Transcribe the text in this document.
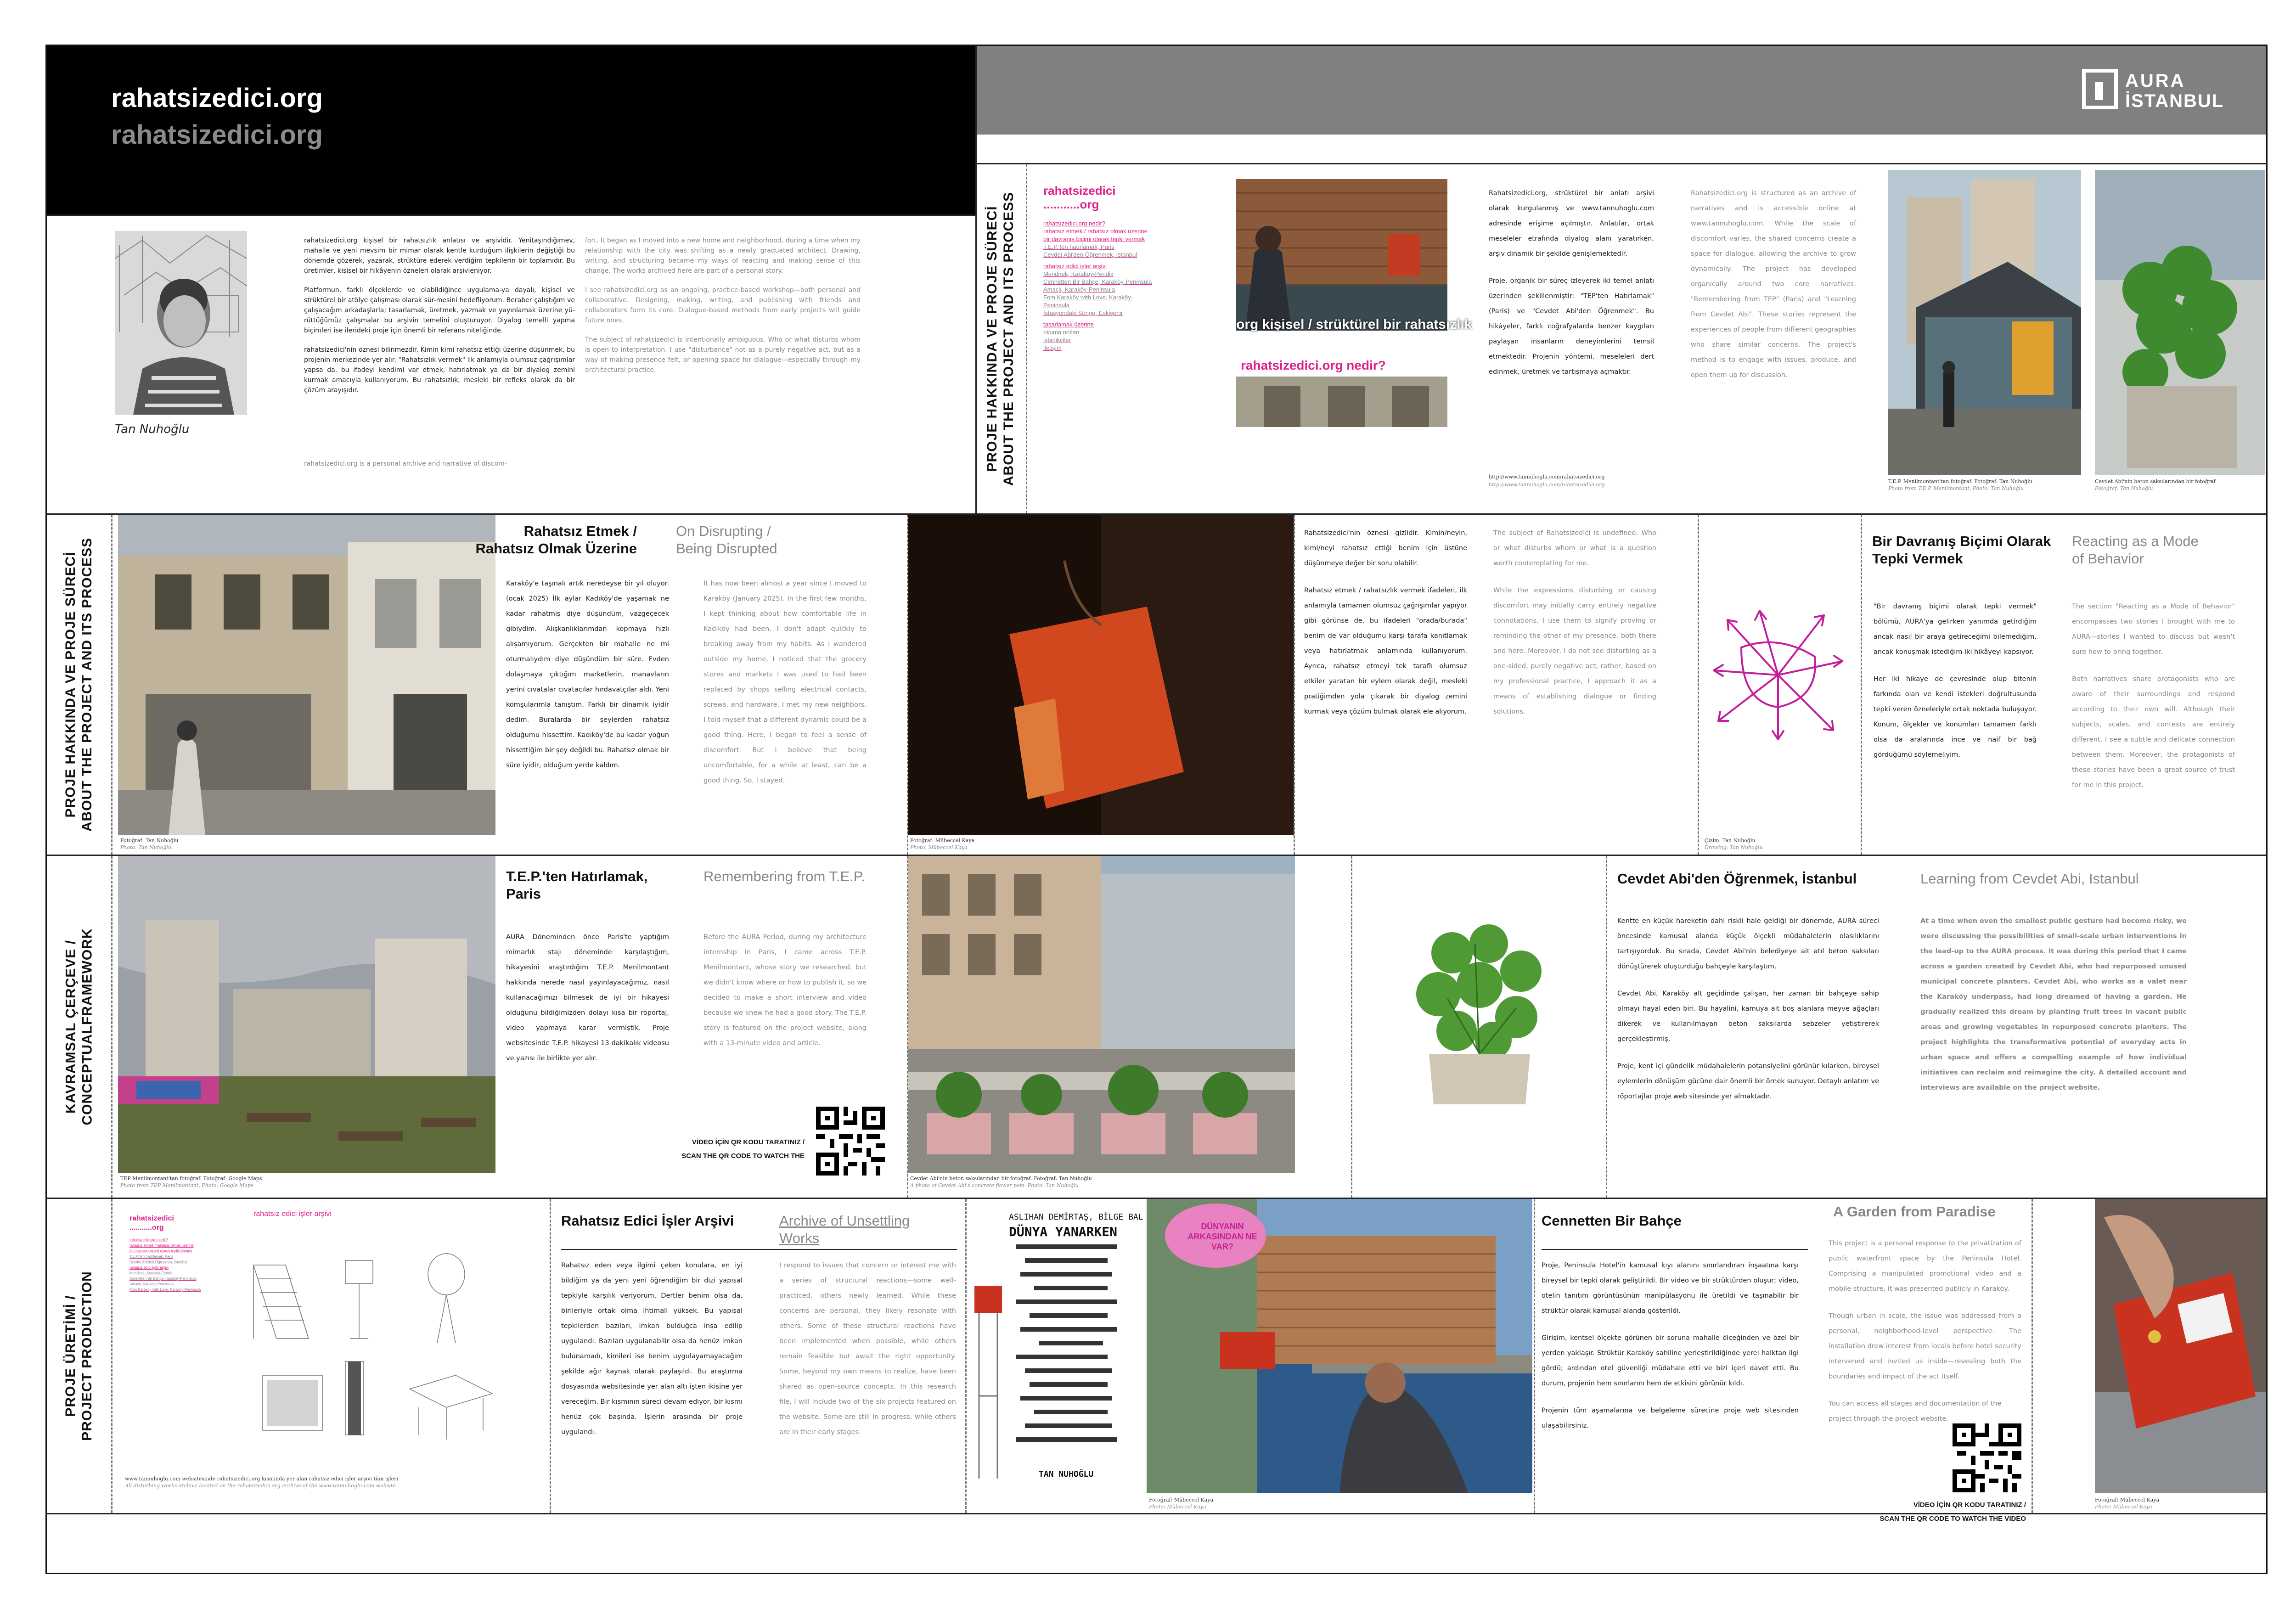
rahatsizedici.org
rahatsizedici.org
AURA
İSTANBUL
Tan Nuhoğlu

rahatsizedici.org kişisel bir rahatsızlık anlatısı ve arşividir. Yenitaşındığımev, mahalle ve yeni mevsim bir mimar olarak kentle kurduğum ilişkilerin değiştiği bu dönemde gözerek, yazarak, strüktüre ederek verdiğim tepkilerin bir toplamıdır. Bu üretimler, kişisel bir hikâyenin özneleri olarak arşivleniyor.

Platformun, farklı ölçeklerde ve olabildiğince uygulama-ya dayalı, kişisel ve strüktürel bir atölye çalışması olarak sür-mesini hedefliyorum. Beraber çalıştığım ve çalışacağım arkadaşlarla; tasarlamak, üretmek, yazmak ve yayınlamak üzerine yü-rüttüğümüz çalışmalar bu arşivin temelini oluşturuyor. Diyalog temelli yapma biçimleri ise ilerideki proje için önemli bir referans niteliğinde.

rahatsizedici'nin öznesi bilinmezdir. Kimin kimi rahatsız ettiği üzerine düşünmek, bu projenin merkezinde yer alır. "Rahatsızlık vermek" ilk anlamıyla olumsuz çağrışımlar yapsa da, bu ifadeyi kendimi var etmek, hatırlatmak ya da bir diyalog zemini kurmak amacıyla kullanıyorum. Bu rahatsızlık, mesleki bir refleks olarak da bir çözüm arayışıdır.

rahatsizedici.org is a personal archive and narrative of discom-

fort. It began as I moved into a new home and neighborhood, during a time when my relationship with the city was shifting as a newly graduated architect. Drawing, writing, and structuring became my ways of reacting and making sense of this change. The works archived here are part of a personal story.

I see rahatsizedici.org as an ongoing, practice-based workshop—both personal and collaborative. Designing, making, writing, and publishing with friends and collaborators form its core. Dialogue-based methods from early projects will guide future ones.

The subject of rahatsizedici is intentionally ambiguous. Who or what disturbs whom is open to interpretation. I use "disturbance" not as a purely negative act, but as a way of making presence felt, or opening space for dialogue—especially through my architectural practice.

PROJE HAKKINDA VE PROJE SÜRECİ
ABOUT THE PROJECT AND ITS PROCESS
rahatsizedici
...........org
rahatsızedici.org nedir?
rahatsız etmek / rahatsız olmak üzerine
bir davranış biçimi olarak tepki vermek
T.E.P.'ten hatırlamak, Paris
Cevdet Abi'den Öğrenmek, İstanbul
rahatsız edici işler arşivi
Mendirek, Karaköy-Pendik
Cennetten Bir Bahçe, Karaköy-Peninsula
Amaçlı, Karaköy-Peninsula
Fom Karaköy with Love, Karaköy-Peninsula
İstasyondaki Sünge, Eskişehir
tasarlamak üzerine
okuma notları
işbirlikçiler
iletişim
org kişisel / strüktürel bir rahatsızlık
rahatsizedici.org nedir?

Rahatsizedici.org, strüktürel bir anlatı arşivi olarak kurgulanmış ve www.tannuhoglu.com adresinde erişime açılmıştır. Anlatılar, ortak meseleler etrafında diyalog alanı yaratırken, arşiv dinamik bir şekilde genişlemektedir.

Proje, organik bir süreç izleyerek iki temel anlatı üzerinden şekillenmiştir: "TEP'ten Hatırlamak" (Paris) ve "Cevdet Abi'den Öğrenmek". Bu hikâyeler, farklı coğrafyalarda benzer kaygıları paylaşan insanların deneyimlerini temsil etmektedir. Projenin yöntemi, meseleleri dert edinmek, üretmek ve tartışmaya açmaktır.

http://www.tannuhoglu.com/rahatsizedici.org
http://www.tannuhoglu.com/rahatsizedici.org

Rahatsizedici.org is structured as an archive of narratives and is accessible online at www.tannuhoglu.com. While the scale of discomfort varies, the shared concerns create a space for dialogue, allowing the archive to grow dynamically. The project has developed organically around two core narratives: "Remembering from TEP" (Paris) and "Learning from Cevdet Abi". These stories represent the experiences of people from different geographies who share similar concerns. The project's method is to engage with issues, produce, and open them up for discussion.

T.E.P. Menilmontant'tan fotoğraf. Fotoğraf: Tan Nuhoğlu
Photo from T.E.P. Menilmontant. Photo: Tan Nuhoğlu
Cevdet Abi'nin beton saksılarından bir fotoğraf
Fotoğraf: Tan Nuhoğlu
PROJE HAKKINDA VE PROJE SÜRECİ
ABOUT THE PROJECT AND ITS PROCESS
Fotoğraf: Tan Nuhoğlu
Photo: Tan Nuhoğlu
Rahatsız Etmek /
Rahatsız Olmak Üzerine
On Disrupting /
Being Disrupted
Karaköy'e taşınalı artık neredeyse bir yıl oluyor. (ocak 2025) İlk aylar Kadıköy'de yaşamak ne kadar rahatmış diye düşündüm, vazgeçecek gibiydim. Alışkanlıklarımdan kopmaya hızlı alışamıyorum. Gerçekten bir mahalle ne mi oturmalıydım diye düşündüm bir süre. Evden dolaşmaya çıktığım marketlerin, manavların yerini cıvatalar cıvatacılar hırdavatçılar aldı. Yeni komşularımla tanıştım. Farklı bir dinamik iyidir dedim. Buralarda bir şeylerden rahatsız olduğumu hissettim. Kadıköy'de bu kadar yoğun hissettiğim bir şey değildi bu. Rahatsız olmak bir süre iyidir, olduğum yerde kaldım.
It has now been almost a year since I moved to Karaköy (January 2025). In the first few months, I kept thinking about how comfortable life in Kadıköy had been. I don't adapt quickly to breaking away from my habits. As I wandered outside my home, I noticed that the grocery stores and markets I was used to had been replaced by shops selling electrical contacts, screws, and hardware. I met my new neighbors. I told myself that a different dynamic could be a good thing. Here, I began to feel a sense of discomfort. But I believe that being uncomfortable, for a while at least, can be a good thing. So, I stayed.
Fotoğraf: Mübeccel Kaya
Photo: Mübeccel Kaya

Rahatsizedici'nin öznesi gizlidir. Kimin/neyin, kimi/neyi rahatsız ettiği benim için üstüne düşünmeye değer bir soru olabilir.

Rahatsız etmek / rahatsızlık vermek ifadeleri, ilk anlamıyla tamamen olumsuz çağrışımlar yapıyor gibi görünse de, bu ifadeleri "orada/burada" benim de var olduğumu karşı tarafa kanıtlamak veya hatırlatmak anlamında kullanıyorum. Ayrıca, rahatsız etmeyi tek taraflı olumsuz etkiler yaratan bir eylem olarak değil, mesleki pratiğimden yola çıkarak bir diyalog zemini kurmak veya çözüm bulmak olarak ele alıyorum.

The subject of Rahatsizedici is undefined. Who or what disturbs whom or what is a question worth contemplating for me.

While the expressions disturbing or causing discomfort may initially carry entirely negative connotations, I use them to signify proving or reminding the other of my presence, both there and here. Moreover, I do not see disturbing as a one-sided, purely negative act; rather, based on my professional practice, I approach it as a means of establishing dialogue or finding solutions.

Çizim: Tan Nuhoğlu
Drawing: Tan Nuhoğlu
Bir Davranış Biçimi Olarak
Tepki Vermek
Reacting as a Mode
of Behavior

"Bir davranış biçimi olarak tepki vermek" bölümü, AURA'ya gelirken yanımda getirdiğim ancak nasıl bir araya getireceğimi bilemediğim, ancak konuşmak istediğim iki hikâyeyi kapsıyor.

Her iki hikaye de çevresinde olup bitenin farkında olan ve kendi istekleri doğrultusunda tepki veren özneleriyle ortak noktada buluşuyor. Konum, ölçekler ve konumları tamamen farklı olsa da aralarında ince ve naif bir bağ gördüğümü söylemeliyim.

The section "Reacting as a Mode of Behavior" encompasses two stories I brought with me to AURA—stories I wanted to discuss but wasn't sure how to bring together.

Both narratives share protagonists who are aware of their surroundings and respond according to their own will. Although their subjects, scales, and contexts are entirely different, I see a subtle and delicate connection between them. Moreover, the protagonists of these stories have been a great source of trust for me in this project.

KAVRAMSAL ÇERÇEVE /
CONCEPTUALFRAMEWORK
TEP Menilmontant'tan fotoğraf. Fotoğraf: Google Maps
Photo from TEP Menilmontant. Photo: Google Maps
T.E.P.'ten Hatırlamak,
Paris
Remembering from T.E.P.
AURA Döneminden önce Paris'te yaptığım mimarlık stajı döneminde karşılaştığım, hikayesini araştırdığım T.E.P. Menilmontant hakkında nerede nasıl yayınlayacağımız, nasıl kullanacağımızı bilmesek de iyi bir hikayesi olduğunu bildiğimizden dolayı kısa bir röportaj, video yapmaya karar vermiştik. Proje websitesinde T.E.P. hikayesi 13 dakikalık videosu ve yazısı ile birlikte yer alır.
Before the AURA Period, during my architecture internship in Paris, I came across T.E.P. Menilmontant, whose story we researched, but we didn't know where or how to publish it, so we decided to make a short interview and video because we knew he had a good story. The T.E.P. story is featured on the project website, along with a 13-minute video and article.
VİDEO İÇİN QR KODU TARATINIZ /
SCAN THE QR CODE TO WATCH THE
Cevdet Abi'nin beton saksılarından bir fotoğraf. Fotoğraf: Tan Nuhoğlu
A photo of Cevdet Abi's concrete flower pots. Photo: Tan Nuhoğlu
Cevdet Abi'den Öğrenmek, İstanbul	Learning from Cevdet Abi, Istanbul

Kentte en küçük hareketin dahi riskli hale geldiği bir dönemde, AURA süreci öncesinde kamusal alanda küçük ölçekli müdahalelerin olasılıklarını tartışıyorduk. Bu sırada, Cevdet Abi'nin belediyeye ait atıl beton saksıları dönüştürerek oluşturduğu bahçeyle karşılaştım.

Cevdet Abi, Karaköy alt geçidinde çalışan, her zaman bir bahçeye sahip olmayı hayal eden biri. Bu hayalini, kamuya ait boş alanlara meyve ağaçları dikerek ve kullanılmayan beton saksılarda sebzeler yetiştirerek gerçekleştirmiş.

Proje, kent içi gündelik müdahalelerin potansiyelini görünür kılarken, bireysel eylemlerin dönüşüm gücüne dair önemli bir örnek sunuyor. Detaylı anlatım ve röportajlar proje web sitesinde yer almaktadır.

At a time when even the smallest public gesture had become risky, we were discussing the possibilities of small-scale urban interventions in the lead-up to the AURA process. It was during this period that I came across a garden created by Cevdet Abi, who had repurposed unused municipal concrete planters. Cevdet Abi, who works as a valet near the Karaköy underpass, had long dreamed of having a garden. He gradually realized this dream by planting fruit trees in vacant public areas and growing vegetables in repurposed concrete planters. The project highlights the transformative potential of everyday acts in urban space and offers a compelling example of how individual initiatives can reclaim and reimagine the city. A detailed account and interviews are available on the project website.
PROJE ÜRETİMİ /
PROJECT PRODUCTION
rahatsizedici
...........org
rahatsız edici işler arşivi
rahatsızedici.org nedir?
rahatsız etmek / rahatsız olmak üzerine
bir davranış biçimi olarak tepki vermek
T.E.P.'ten hatırlamak, Paris
Cevdet Abi'den Öğrenmek, İstanbul
rahatsız edici işler arşivi
Mendirek, Karaköy-Pendik
Cennetten Bir Bahçe, Karaköy-Peninsula
Amaçlı, Karaköy-Peninsula
Fom Karaköy with Love, Karaköy-Peninsula
www.tannuhoglu.com websitesinde rahatsizedici.org kısmında yer alan rahatsız edici işler arşivi tüm işleri
All disturbing works archive located on the rahatsizedici.org archive of the www.tannuhoglu.com website
Rahatsız Edici İşler Arşivi	Archive of Unsettling
Works
Rahatsız eden veya ilgimi çeken konulara, en iyi bildiğim ya da yeni yeni öğrendiğim bir dizi yapısal tepkiyle karşılık veriyorum. Dertler benim olsa da, birileriyle ortak olma ihtimali yüksek. Bu yapısal tepkilerden bazıları, imkan bulduğca inşa edilip uygulandı. Bazıları uygulanabilir olsa da henüz imkan bulunamadı, kimileri ise benim uygulayamayacağım şekilde ağır kaynak olarak paylaşıldı. Bu araştırma dosyasında websitesinde yer alan altı işten ikisine yer vereceğim. Bir kısmının süreci devam ediyor, bir kısmı henüz çok başında. İşlerin arasında bir proje uygulandı.
I respond to issues that concern or interest me with a series of structural reactions—some well-practiced, others newly learned. While these concerns are personal, they likely resonate with others. Some of these structural reactions have been implemented when possible, while others remain feasible but await the right opportunity. Some, beyond my own means to realize, have been shared as open-source concepts. In this research file, I will include two of the six projects featured on the website. Some are still in progress, while others are in their early stages.
ASLIHAN DEMİRTAŞ, BİLGE BAL
DÜNYA YANARKEN
TAN NUHOĞLU
DÜNYANIN ARKASINDAN NE VAR?
Fotoğraf: Mübeccel Kaya
Photo: Mübeccel Kaya
Cennetten Bir Bahçe
A Garden from Paradise

Proje, Peninsula Hotel'in kamusal kıyı alanını sınırlandıran inşaatına karşı bireysel bir tepki olarak geliştirildi. Bir video ve bir strüktürden oluşur; video, otelin tanıtım görüntüsünün manipülasyonu ile üretildi ve taşınabilir bir strüktür olarak kamusal alanda gösterildi.

Girişim, kentsel ölçekte görünen bir soruna mahalle ölçeğinden ve özel bir yerden yaklaşır. Strüktür Karaköy sahiline yerleştirildiğinde yerel halktan ilgi gördü; ardından otel güvenliği müdahale etti ve bizi içeri davet etti. Bu durum, projenin hem sınırlarını hem de etkisini görünür kıldı.

Projenin tüm aşamalarına ve belgeleme sürecine proje web sitesinden ulaşabilirsiniz.

This project is a personal response to the privatization of public waterfront space by the Peninsula Hotel. Comprising a manipulated promotional video and a mobile structure, it was presented publicly in Karaköy.

Though urban in scale, the issue was addressed from a personal, neighborhood-level perspective. The installation drew interest from locals before hotel security intervened and invited us inside—revealing both the boundaries and impact of the act itself.

You can access all stages and documentation of the project through the project website.

VİDEO İÇİN QR KODU TARATINIZ /
SCAN THE QR CODE TO WATCH THE VIDEO
Fotoğraf: Mübeccel Kaya
Photo: Mübeccel Kaya
